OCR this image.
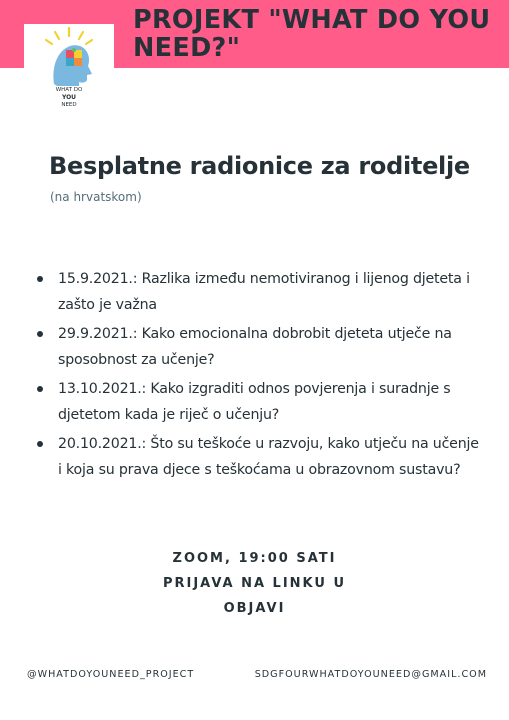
PROJEKT "WHAT DO YOU NEED?"
WHAT DO
YOU
NEED
Besplatne radionice za roditelje
(na hrvatskom)
15.9.2021.: Razlika između nemotiviranog i lijenog djeteta i zašto je važna
29.9.2021.: Kako emocionalna dobrobit djeteta utječe na sposobnost za učenje?
13.10.2021.: Kako izgraditi odnos povjerenja i suradnje s djetetom kada je riječ o učenju?
20.10.2021.: Što su teškoće u razvoju, kako utječu na učenje i koja su prava djece s teškoćama u obrazovnom sustavu?
ZOOM, 19:00 SATI
PRIJAVA NA LINKU U
OBJAVI
@WHATDOYOUNEED_PROJECT	SDGFOURWHATDOYOUNEED@GMAIL.COM
